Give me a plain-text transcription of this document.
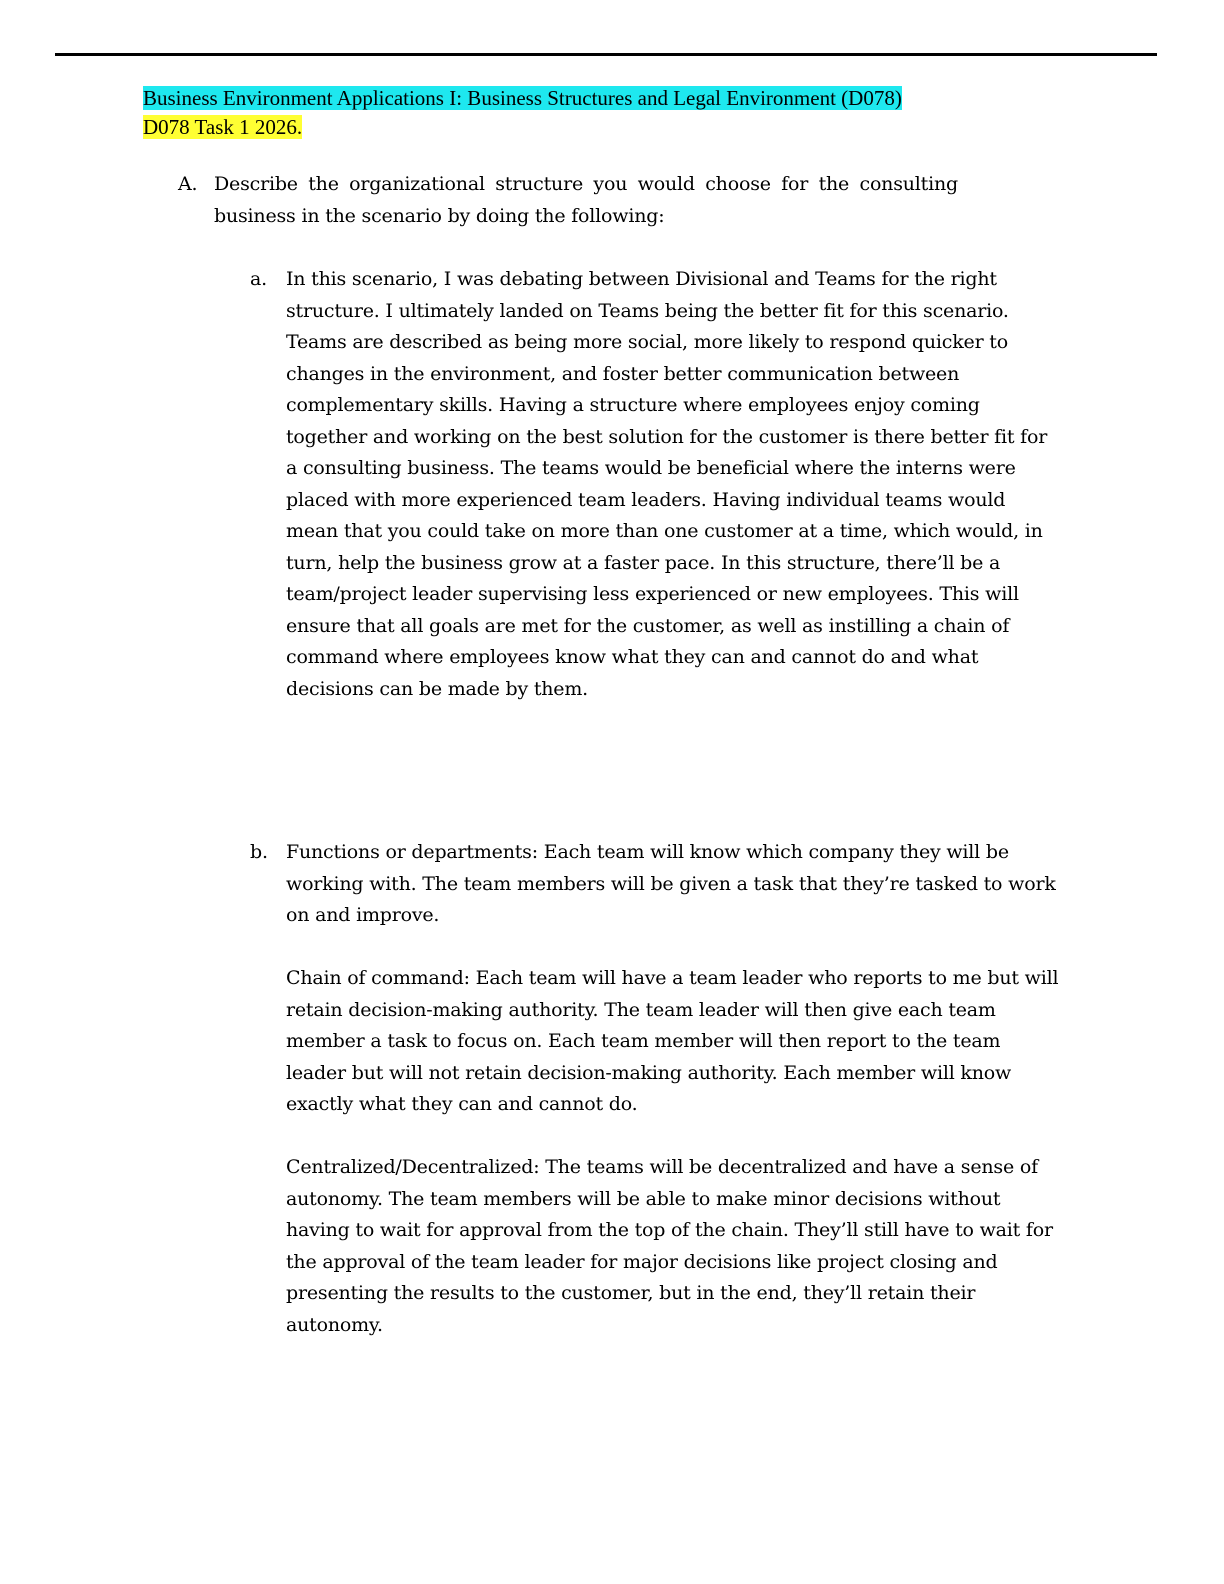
Business Environment Applications I: Business Structures and Legal Environment (D078)
D078 Task 1 2026.
A. Describe the organizational structure you would choose for the consulting business in the scenario by doing the following:
a. In this scenario, I was debating between Divisional and Teams for the right structure. I ultimately landed on Teams being the better fit for this scenario. Teams are described as being more social, more likely to respond quicker to changes in the environment, and foster better communication between complementary skills. Having a structure where employees enjoy coming together and working on the best solution for the customer is there better fit for a consulting business. The teams would be beneficial where the interns were placed with more experienced team leaders. Having individual teams would mean that you could take on more than one customer at a time, which would, in turn, help the business grow at a faster pace. In this structure, there’ll be a team/project leader supervising less experienced or new employees. This will ensure that all goals are met for the customer, as well as instilling a chain of command where employees know what they can and cannot do and what decisions can be made by them.

b. Functions or departments: Each team will know which company they will be working with. The team members will be given a task that they’re tasked to work on and improve.

Chain of command: Each team will have a team leader who reports to me but will retain decision-making authority. The team leader will then give each team member a task to focus on. Each team member will then report to the team leader but will not retain decision-making authority. Each member will know exactly what they can and cannot do.

Centralized/Decentralized: The teams will be decentralized and have a sense of autonomy. The team members will be able to make minor decisions without having to wait for approval from the top of the chain. They’ll still have to wait for the approval of the team leader for major decisions like project closing and presenting the results to the customer, but in the end, they’ll retain their autonomy.
